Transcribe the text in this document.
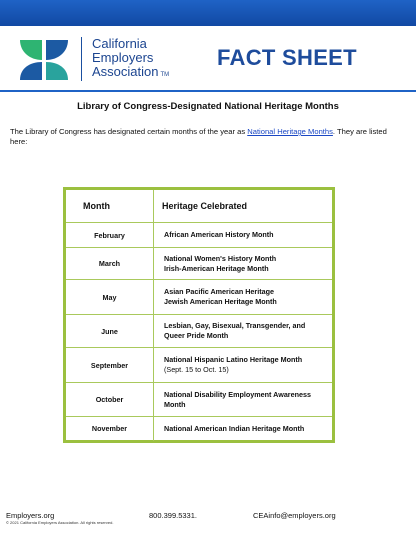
California
Employers
Association TM
FACT SHEET
Library of Congress-Designated National Heritage Months
The Library of Congress has designated certain months of the year as National Heritage Months. They are listed here:
Month	Heritage Celebrated
February	African American History Month

March	National Women's History Month
Irish-American Heritage Month

May	Asian Pacific American Heritage
Jewish American Heritage Month

June	Lesbian, Gay, Bisexual, Transgender, and
Queer Pride Month

September	National Hispanic Latino Heritage Month
(Sept. 15 to Oct. 15)

October	National Disability Employment Awareness
Month

November	National American Indian Heritage Month
Employers.org
© 2021 California Employers Association. All rights reserved.
800.399.5331.	CEAinfo@employers.org
